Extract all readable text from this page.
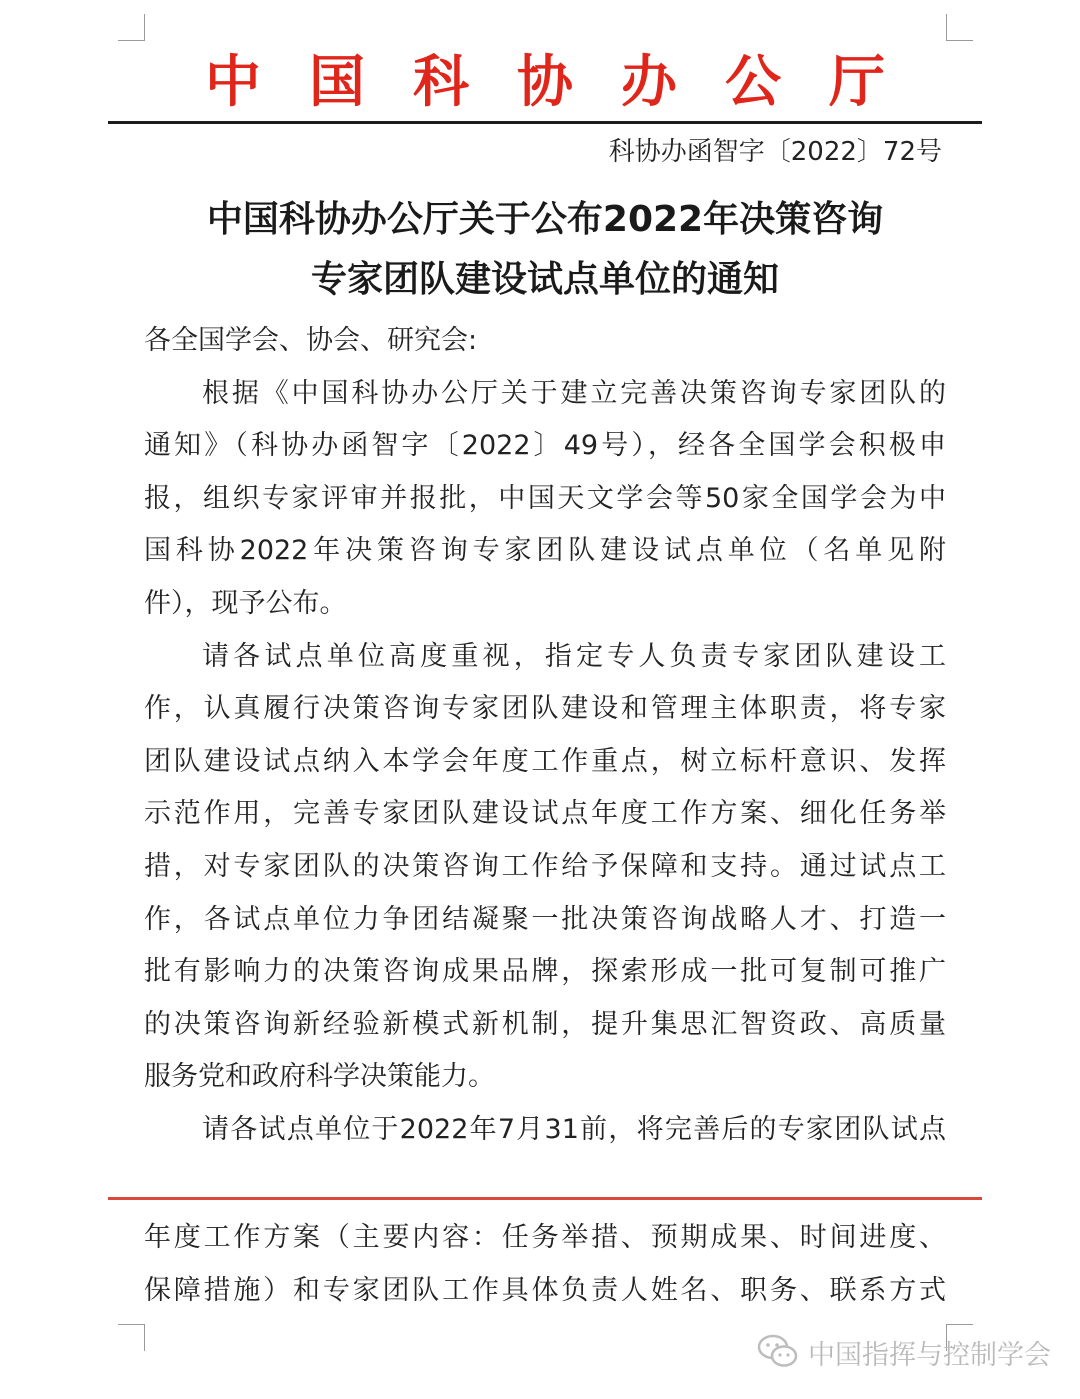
中 国 科 协 办 公 厅
科协办函智字〔2022〕72号
中国科协办公厅关于公布2022年决策咨询
专家团队建设试点单位的通知
各全国学会、协会、研究会:
根据《中国科协办公厅关于建立完善决策咨询专家团队的
通知》（科协办函智字〔2022〕49号），经各全国学会积极申
报，组织专家评审并报批，中国天文学会等50家全国学会为中
国科协2022年决策咨询专家团队建设试点单位（名单见附
件），现予公布。
请各试点单位高度重视，指定专人负责专家团队建设工
作，认真履行决策咨询专家团队建设和管理主体职责，将专家
团队建设试点纳入本学会年度工作重点，树立标杆意识、发挥
示范作用，完善专家团队建设试点年度工作方案、细化任务举
措，对专家团队的决策咨询工作给予保障和支持。通过试点工
作，各试点单位力争团结凝聚一批决策咨询战略人才、打造一
批有影响力的决策咨询成果品牌，探索形成一批可复制可推广
的决策咨询新经验新模式新机制，提升集思汇智资政、高质量
服务党和政府科学决策能力。
请各试点单位于2022年7月31前，将完善后的专家团队试点
年度工作方案（主要内容：任务举措、预期成果、时间进度、
保障措施）和专家团队工作具体负责人姓名、职务、联系方式
中国指挥与控制学会
